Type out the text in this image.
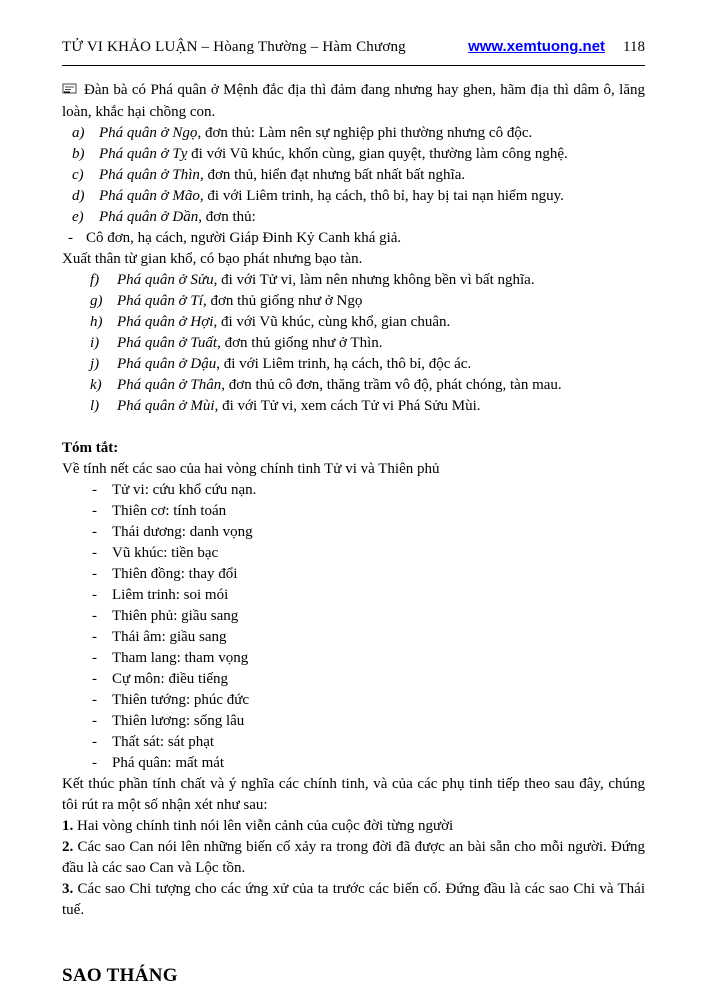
TỬ VI KHẢO LUẬN – Hòang Thường – Hàm Chương	www.xemtuong.net 118

Đàn bà có Phá quân ở Mệnh đắc địa thì đảm đang nhưng hay ghen, hãm địa thì dâm ô, lăng loàn, khắc hại chồng con.

a) Phá quân ở Ngọ, đơn thủ: Làm nên sự nghiệp phi thường nhưng cô độc.
b) Phá quân ở Tỵ đi với Vũ khúc, khốn cùng, gian quyệt, thường làm công nghệ.
c)	Phá quân ở Thìn, đơn thủ, hiển đạt nhưng bất nhất bất nghĩa.
d) Phá quân ở Mão, đi với Liêm trinh, hạ cách, thô bỉ, hay bị tai nạn hiểm nguy.
e)	Phá quân ở Dần, đơn thủ:
- Cô đơn, hạ cách, người Giáp Đinh Kỷ Canh khá giả.

Xuất thân từ gian khổ, có bạo phát nhưng bạo tàn.

f)	Phá quân ở Sửu, đi với Tử vi, làm nên nhưng không bền vì bất nghĩa.
g) Phá quân ở Tí, đơn thủ giống như ở Ngọ
h) Phá quân ở Hợi, đi với Vũ khúc, cùng khổ, gian chuân.
i)	Phá quân ở Tuất, đơn thủ giống như ở Thìn.
j)	Phá quân ở Dậu, đi với Liêm trinh, hạ cách, thô bỉ, độc ác.
k)	Phá quân ở Thân, đơn thủ cô đơn, thăng trầm vô độ, phát chóng, tàn mau.
l)	Phá quân ở Mùi, đi với Tử vi, xem cách Tử vi Phá Sửu Mùi.

Tóm tắt:

Về tính nết các sao của hai vòng chính tinh Tử vi và Thiên phủ

-	Tử vi: cứu khổ cứu nạn.
-	Thiên cơ: tính toán
-	Thái dương: danh vọng
-	Vũ khúc: tiền bạc
-	Thiên đồng: thay đổi
-	Liêm trinh: soi mói
-	Thiên phủ: giầu sang
-	Thái âm: giầu sang
-	Tham lang: tham vọng
-	Cự môn: điều tiếng
-	Thiên tướng: phúc đức
-	Thiên lương: sống lâu
-	Thất sát: sát phạt
-	Phá quân: mất mát

Kết thúc phần tính chất và ý nghĩa các chính tinh, và của các phụ tinh tiếp theo sau đây, chúng tôi rút ra một số nhận xét như sau:

1. Hai vòng chính tinh nói lên viễn cảnh của cuộc đời từng người

2. Các sao Can nói lên những biến cố xảy ra trong đời đã được an bài sẵn cho mỗi người. Đứng đầu là các sao Can và Lộc tồn.

3. Các sao Chi tượng cho các ứng xử của ta trước các biến cố. Đứng đầu là các sao Chi và Thái tuế.

SAO THÁNG
